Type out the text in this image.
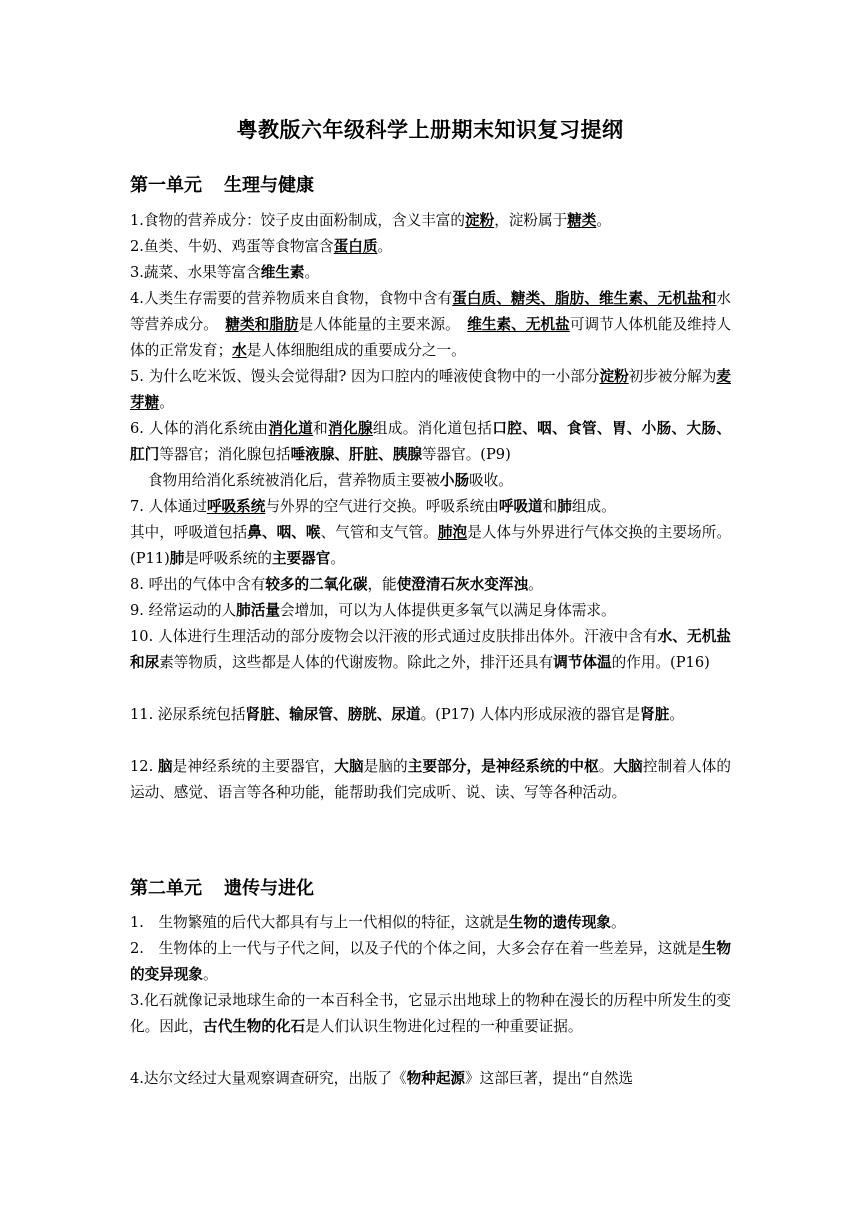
粤教版六年级科学上册期末知识复习提纲
第一单元 生理与健康

1.食物的营养成分：饺子皮由面粉制成，含义丰富的淀粉，淀粉属于糖类。

2.鱼类、牛奶、鸡蛋等食物富含蛋白质。

3.蔬菜、水果等富含维生素。

4.人类生存需要的营养物质来自食物，食物中含有蛋白质、糖类、脂肪、维生素、无机盐和水等营养成分。　糖类和脂肪是人体能量的主要来源。　维生素、无机盐可调节人体机能及维持人体的正常发育；水是人体细胞组成的重要成分之一。

5. 为什么吃米饭、馒头会觉得甜? 因为口腔内的唾液使食物中的一小部分淀粉初步被分解为麦芽糖。

6. 人体的消化系统由消化道和消化腺组成。消化道包括口腔、咽、食管、胃、小肠、大肠、肛门等器官；消化腺包括唾液腺、肝脏、胰腺等器官。(P9)

食物用给消化系统被消化后，营养物质主要被小肠吸收。

7. 人体通过呼吸系统与外界的空气进行交换。呼吸系统由呼吸道和肺组成。

其中，呼吸道包括鼻、咽、喉、气管和支气管。肺泡是人体与外界进行气体交换的主要场所。(P11)肺是呼吸系统的主要器官。

8. 呼出的气体中含有较多的二氧化碳，能使澄清石灰水变浑浊。

9. 经常运动的人肺活量会增加，可以为人体提供更多氧气以满足身体需求。

10. 人体进行生理活动的部分废物会以汗液的形式通过皮肤排出体外。汗液中含有水、无机盐和尿素等物质，这些都是人体的代谢废物。除此之外，排汗还具有调节体温的作用。(P16)

11. 泌尿系统包括肾脏、输尿管、膀胱、尿道。(P17) 人体内形成尿液的器官是肾脏。

12. 脑是神经系统的主要器官，大脑是脑的主要部分，是神经系统的中枢。大脑控制着人体的运动、感觉、语言等各种功能，能帮助我们完成听、说、读、写等各种活动。

第二单元 遗传与进化

1.　生物繁殖的后代大都具有与上一代相似的特征，这就是生物的遗传现象。

2.　生物体的上一代与子代之间，以及子代的个体之间，大多会存在着一些差异，这就是生物的变异现象。

3.化石就像记录地球生命的一本百科全书，它显示出地球上的物种在漫长的历程中所发生的变化。因此，古代生物的化石是人们认识生物进化过程的一种重要证据。

4.达尔文经过大量观察调查研究，出版了《物种起源》这部巨著，提出“自然选
